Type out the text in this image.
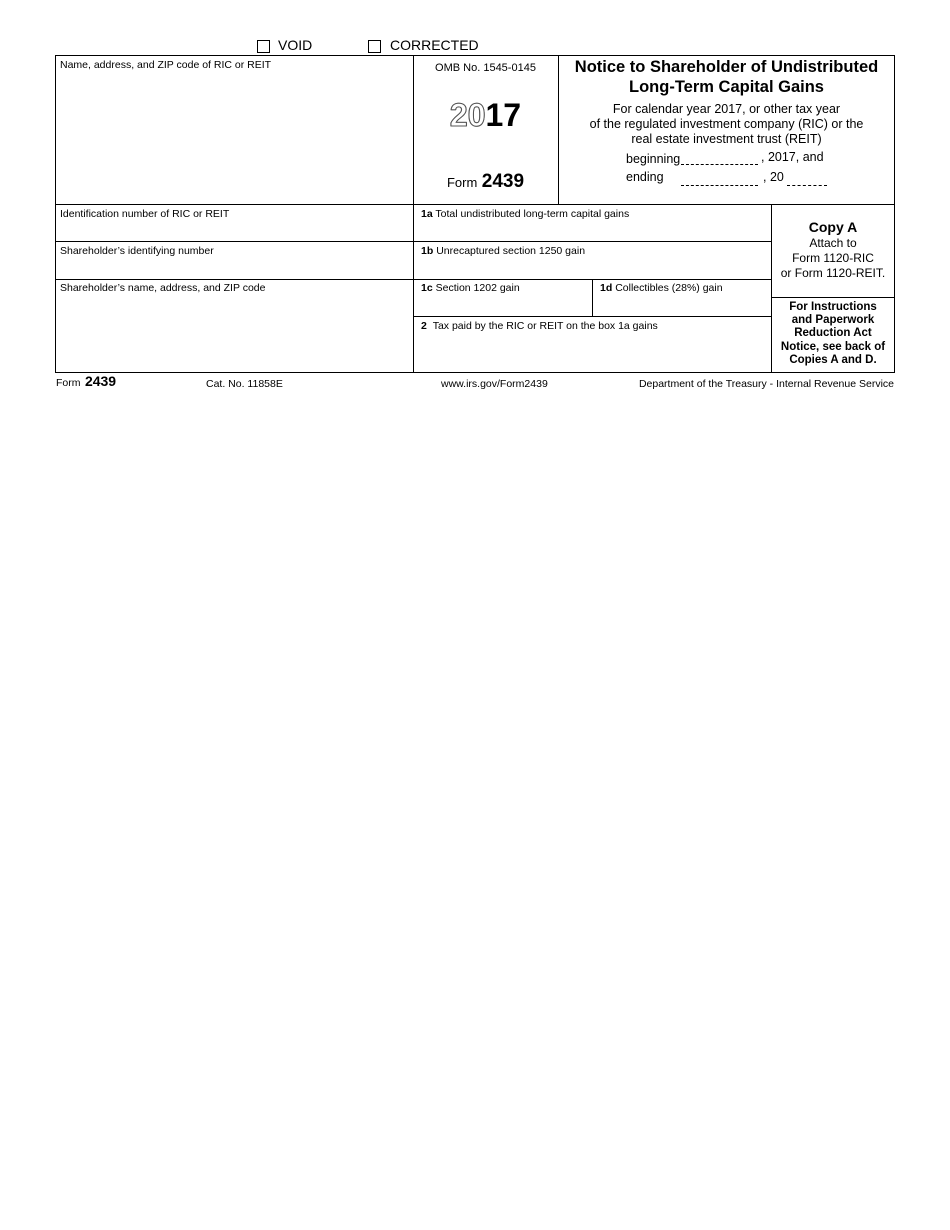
VOID	CORRECTED
Name, address, and ZIP code of RIC or REIT	OMB No. 1545-0145
2017
Form 2439
Notice to Shareholder of Undistributed
Long-Term Capital Gains
For calendar year 2017, or other tax year
of the regulated investment company (RIC) or the
real estate investment trust (REIT)
beginning	, 2017, and
ending	, 20
Identification number of RIC or REIT
Shareholder’s identifying number
Shareholder’s name, address, and ZIP code
1a Total undistributed long-term capital gains
1b Unrecaptured section 1250 gain
1c Section 1202 gain	1d Collectibles (28%) gain
2 Tax paid by the RIC or REIT on the box 1a gains
Copy A
Attach to
Form 1120-RIC
or Form 1120-REIT.
For Instructions
and Paperwork
Reduction Act
Notice, see back of
Copies A and D.
Form 2439	Cat. No. 11858E	www.irs.gov/Form2439	Department of the Treasury - Internal Revenue Service
